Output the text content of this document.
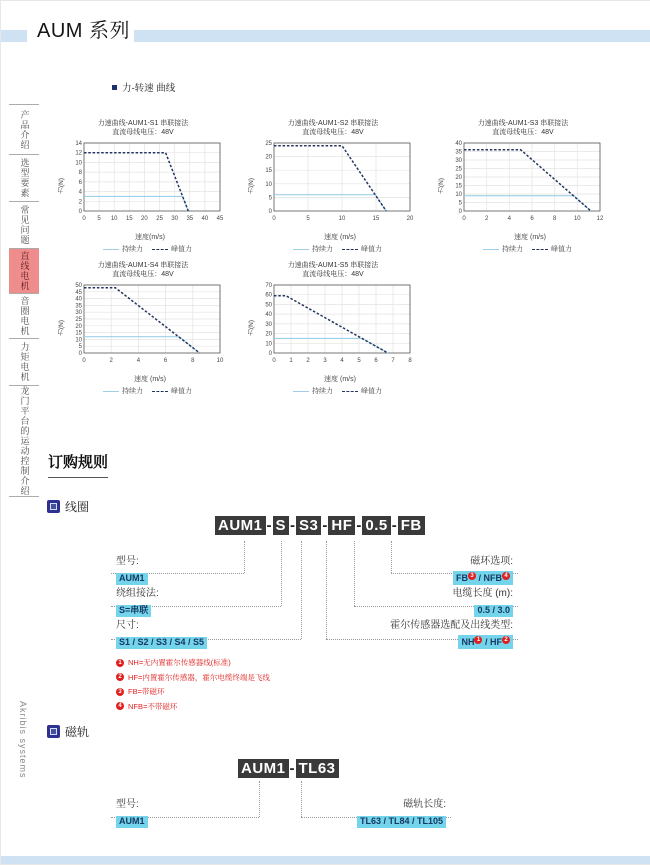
AUM 系列
产品介绍
选型要素
常见问题
直线电机
音圈电机
力矩电机
龙门平台的运动控制介绍
Akribis systems
力-转速 曲线
力速曲线-AUM1-S1 串联接法
直流母线电压：48V
力(N)
0 5 10 15 20 25 30 35 40 45
0
2
4
6
8
10
12
14
速度(m/s)
持续力	峰值力
力速曲线-AUM1-S2 串联接法
直流母线电压：48V
力(N)
0	5	10	15	20
0
5
10
15
20
25
速度 (m/s)
持续力	峰值力
力速曲线-AUM1-S3 串联接法
直流母线电压：48V
力(N)
0	2	4	6	8	10	12
0
5
10
15
20
25
30
35
40
速度 (m/s)
持续力	峰值力
力速曲线-AUM1-S4 串联接法
直流母线电压：48V
力(N)
0	2	4	6	8	10
0
5
10
15
20
25
30
35
40
45
50
速度 (m/s)
持续力	峰值力
力速曲线-AUM1-S5 串联接法
直流母线电压：48V
力(N)
0 1 2 3 4 5 6 7 8
0
10
20
30
40
50
60
70
速度 (m/s)
持续力	峰值力
订购规则
线圈
AUM1 - S - S3 - HF - 0.5 - FB
型号:
AUM1
绕组接法:
S=串联
尺寸:
S1 / S2 / S3 / S4 / S5
磁环选项:
FB $^3$ / NFB $^4$
电缆长度 (m):
0.5 / 3.0
霍尔传感器选配及出线类型:
NH $^1$ / HF $^2$
1 NH=无内置霍尔传感器线(标准)
2 HF=内置霍尔传感器，霍尔电缆终端是飞线
3 FB=带磁环
4 NFB=不带磁环
磁轨
AUM1 - TL63
型号:
AUM1
磁轨长度:
TL63 / TL84 / TL105
